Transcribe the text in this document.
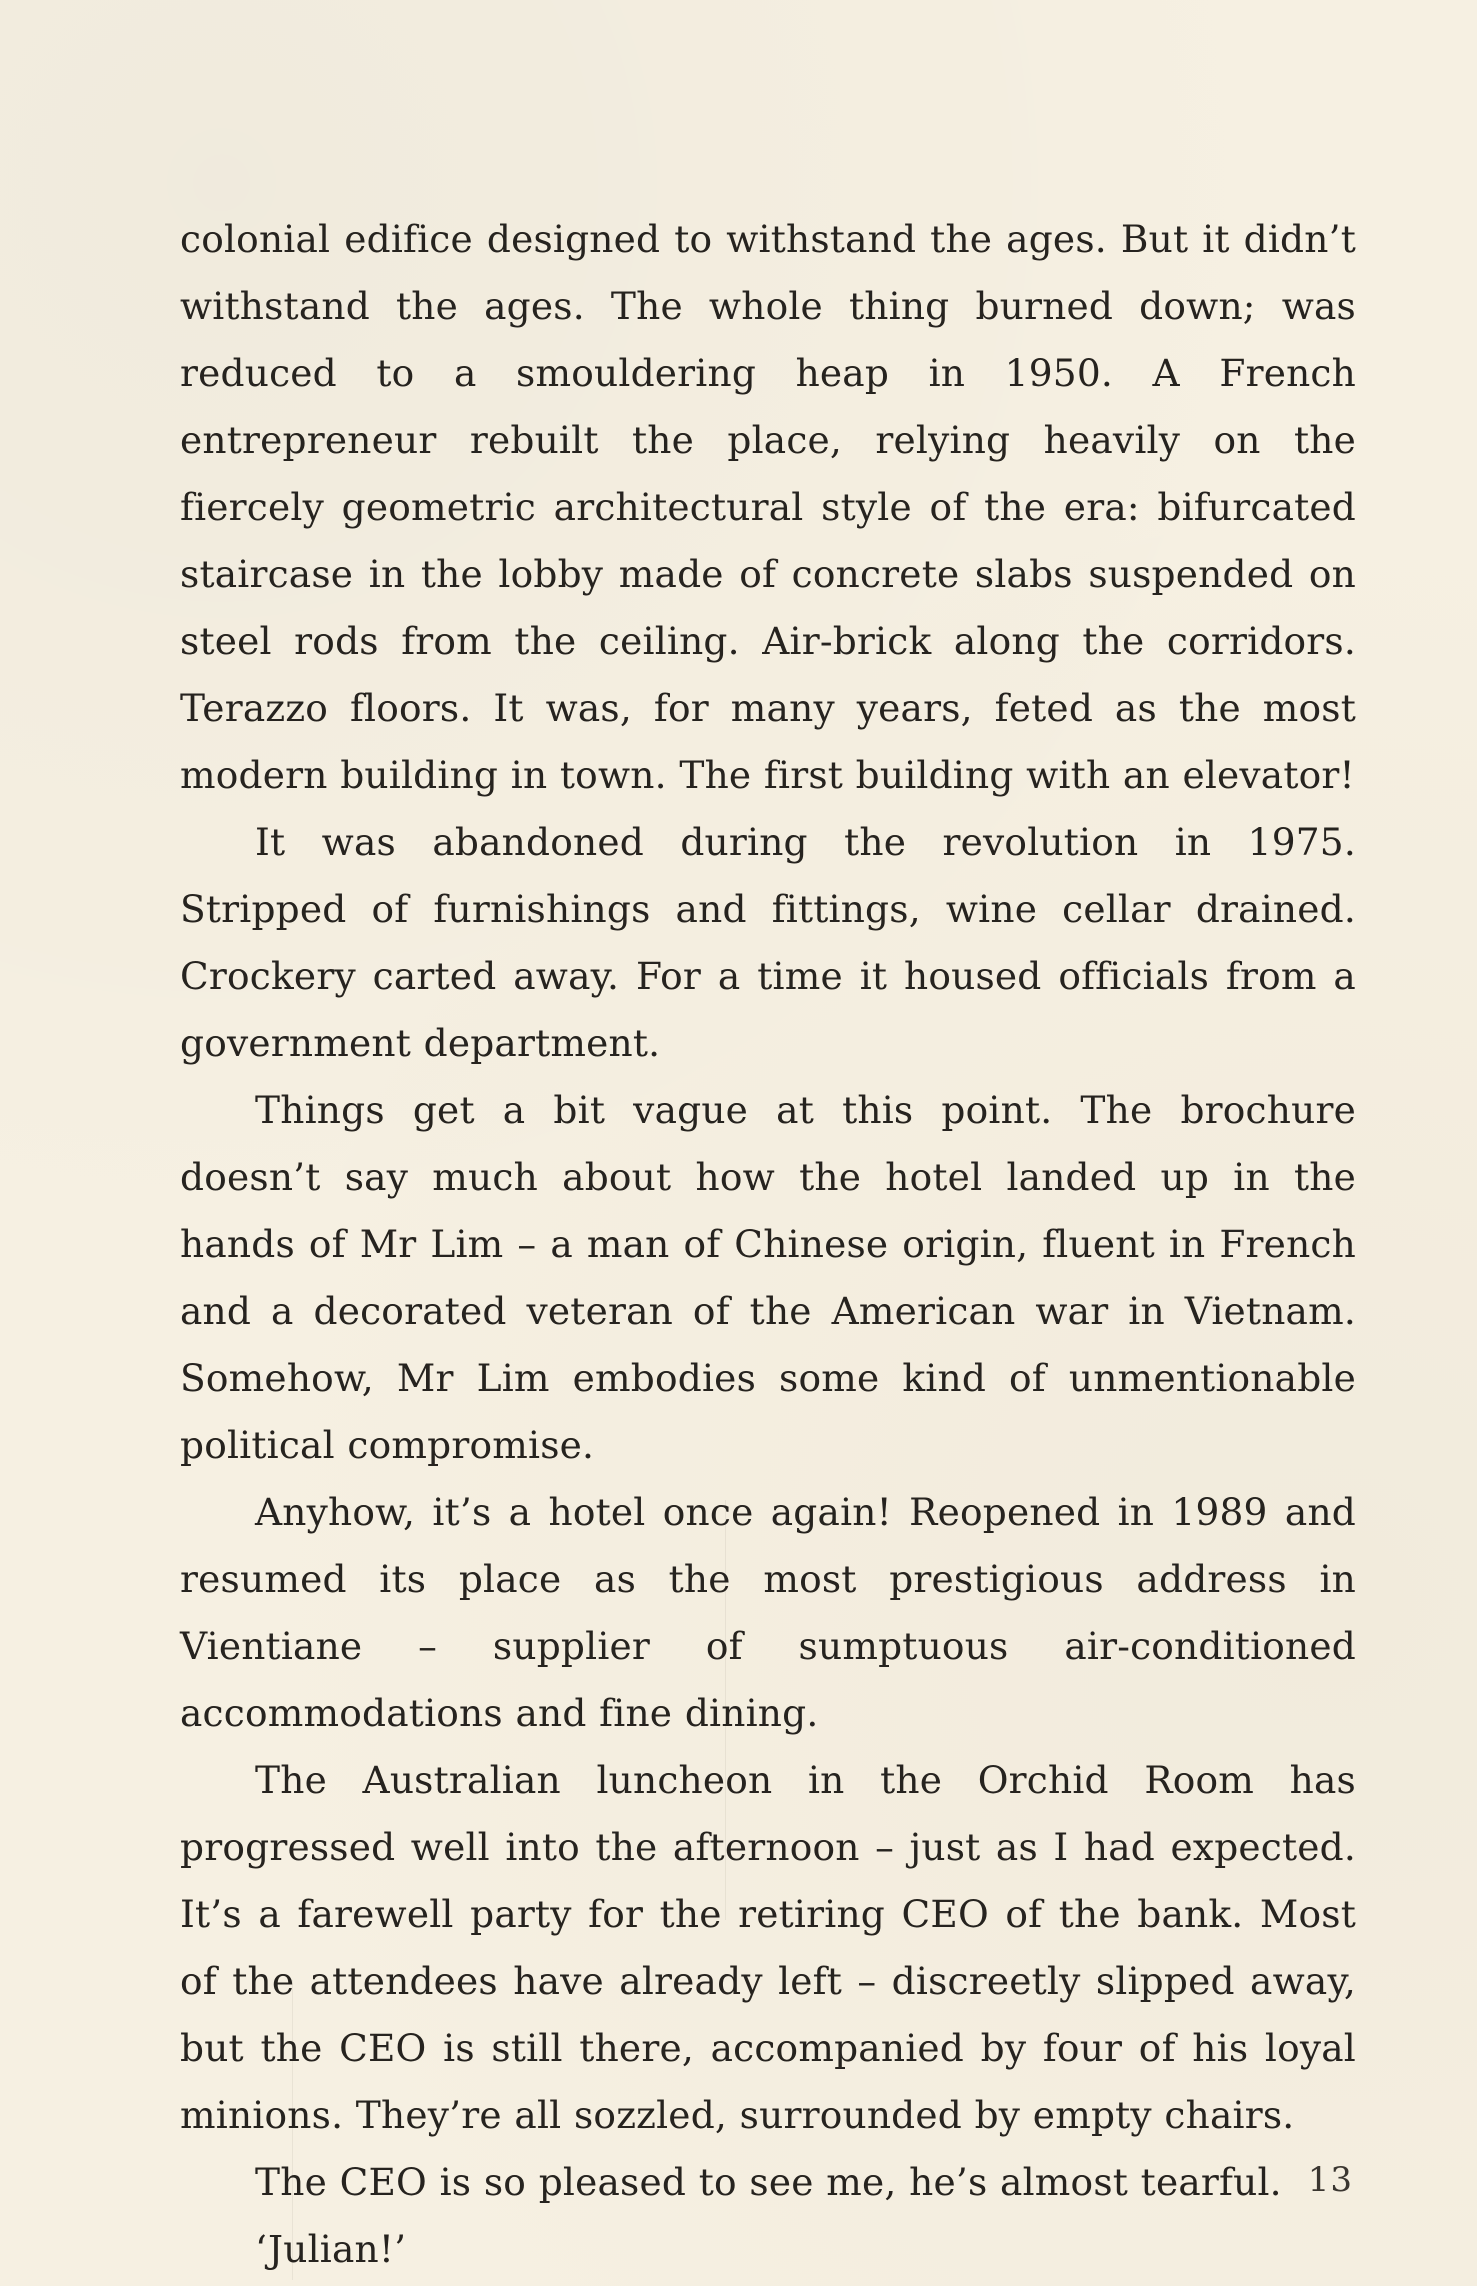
colonial edifice designed to withstand the ages. But it didn’t withstand the ages. The whole thing burned down; was reduced to a smouldering heap in 1950. A French entrepreneur rebuilt the place, relying heavily on the fiercely geometric architectural style of the era: bifurcated staircase in the lobby made of concrete slabs suspended on steel rods from the ceiling. Air-brick along the corridors. Terazzo floors. It was, for many years, feted as the most modern building in town. The first building with an elevator!

It was abandoned during the revolution in 1975. Stripped of furnishings and fittings, wine cellar drained. Crockery carted away. For a time it housed officials from a government department.

Things get a bit vague at this point. The brochure doesn’t say much about how the hotel landed up in the hands of Mr Lim – a man of Chinese origin, fluent in French and a decorated veteran of the American war in Vietnam. Somehow, Mr Lim embodies some kind of unmentionable political compromise.

Anyhow, it’s a hotel once again! Reopened in 1989 and resumed its place as the most prestigious address in Vientiane – supplier of sumptuous air-conditioned accommodations and fine dining.

The Australian luncheon in the Orchid Room has progressed well into the afternoon – just as I had expected. It’s a farewell party for the retiring CEO of the bank. Most of the attendees have already left – discreetly slipped away, but the CEO is still there, accompanied by four of his loyal minions. They’re all sozzled, surrounded by empty chairs.

The CEO is so pleased to see me, he’s almost tearful.

‘Julian!’

13
